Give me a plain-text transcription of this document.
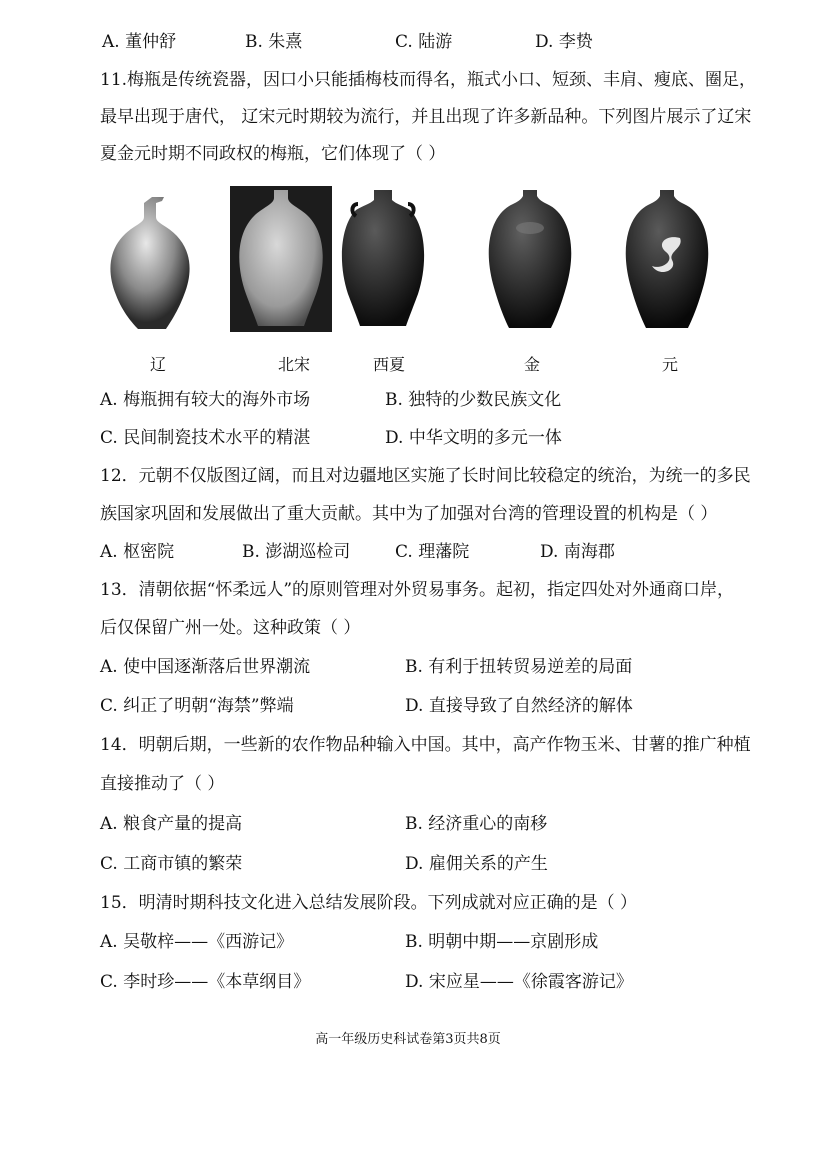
A. 董仲舒	B. 朱熹	C. 陆游	D. 李贽
11.梅瓶是传统瓷器，因口小只能插梅枝而得名，瓶式小口、短颈、丰肩、瘦底、圈足，
最早出现于唐代， 辽宋元时期较为流行，并且出现了许多新品种。下列图片展示了辽宋
夏金元时期不同政权的梅瓶，它们体现了（ ）
辽	北宋	西夏	金	元
A. 梅瓶拥有较大的海外市场	B. 独特的少数民族文化
C. 民间制瓷技术水平的精湛	D. 中华文明的多元一体
12．元朝不仅版图辽阔，而且对边疆地区实施了长时间比较稳定的统治，为统一的多民
族国家巩固和发展做出了重大贡献。其中为了加强对台湾的管理设置的机构是（ ）
A. 枢密院	B. 澎湖巡检司	C. 理藩院	D. 南海郡
13．清朝依据“怀柔远人”的原则管理对外贸易事务。起初，指定四处对外通商口岸，
后仅保留广州一处。这种政策（ ）
A. 使中国逐渐落后世界潮流	B. 有利于扭转贸易逆差的局面
C. 纠正了明朝“海禁”弊端	D. 直接导致了自然经济的解体
14．明朝后期，一些新的农作物品种输入中国。其中，高产作物玉米、甘薯的推广种植
直接推动了（ ）
A. 粮食产量的提高	B. 经济重心的南移
C. 工商市镇的繁荣	D. 雇佣关系的产生
15．明清时期科技文化进入总结发展阶段。下列成就对应正确的是（ ）
A. 吴敬梓——《西游记》	B. 明朝中期——京剧形成
C. 李时珍——《本草纲目》	D. 宋应星——《徐霞客游记》
高一年级历史科试卷第3页共8页
